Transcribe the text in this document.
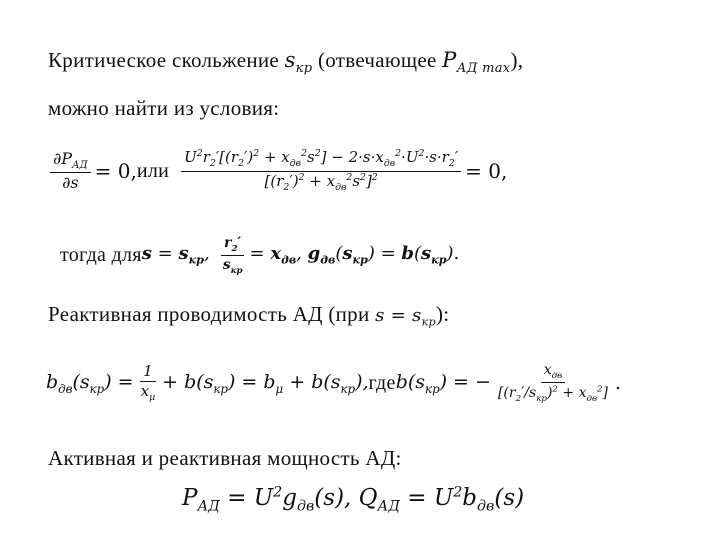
Критическое скольжение $s_{кр}$ (отвечающее $P_{АД max}$),
можно найти из условия:
$\frac{\partial P_{АД}}{\partial s} = 0$, или $\frac{U^2r_2'[(r_2')^2 + x_{дв}^2s^2] - 2\cdot s\cdot x_{дв}^2\cdot U^2\cdot s\cdot r_2'}{[(r_2')^2 + x_{дв}^2s^2]^2} = 0$,
тогда для $s = s_{кр}$, $\frac{r_2'}{s_{кр}} = x_{дв}$, $g_{дв}(s_{кр}) = b(s_{кр})$.
Реактивная проводимость АД (при $s = s_{кр}$):
$b_{дв}(s_{кр}) = \frac{1}{x_\mu} + b(s_{кр}) = b_\mu + b(s_{кр})$, где $b(s_{кр})$ = − $\frac{x_{дв}}{[(r_2'/s_{кр})^2 + x_{дв}^2]}$ .
Активная и реактивная мощность АД:
$P_{АД} = U^2g_{дв}(s)$, $Q_{АД} = U^2b_{дв}(s)$
